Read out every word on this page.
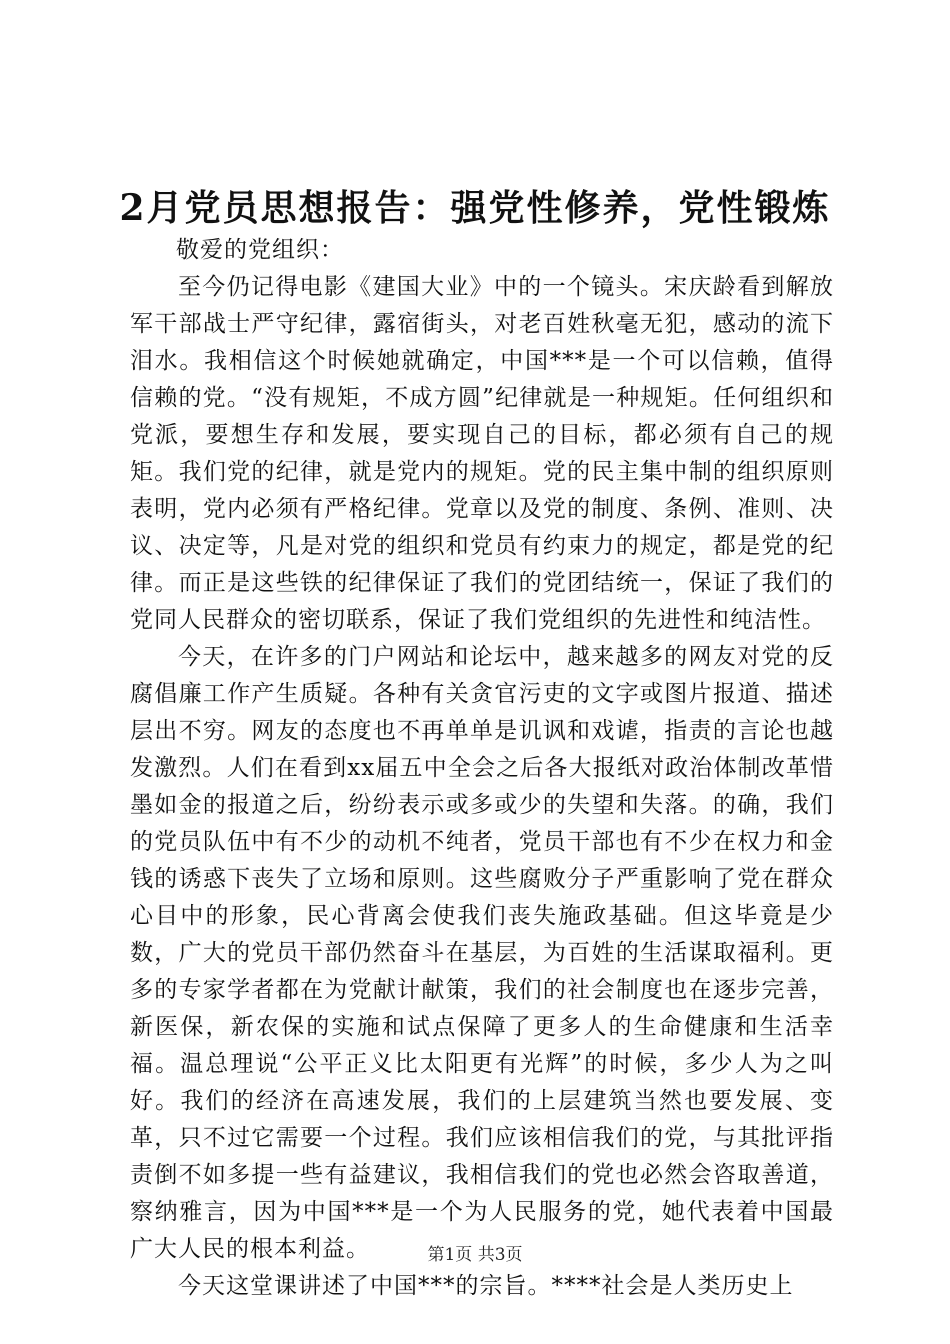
2月党员思想报告：强党性修养，党性锻炼

敬爱的党组织：

至今仍记得电影《建国大业》中的一个镜头。宋庆龄看到解放军干部战士严守纪律，露宿街头，对老百姓秋毫无犯，感动的流下泪水。我相信这个时候她就确定，中国***是一个可以信赖，值得信赖的党。“没有规矩，不成方圆”纪律就是一种规矩。任何组织和党派，要想生存和发展，要实现自己的目标，都必须有自己的规矩。我们党的纪律，就是党内的规矩。党的民主集中制的组织原则表明，党内必须有严格纪律。党章以及党的制度、条例、准则、决议、决定等，凡是对党的组织和党员有约束力的规定，都是党的纪律。而正是这些铁的纪律保证了我们的党团结统一，保证了我们的党同人民群众的密切联系，保证了我们党组织的先进性和纯洁性。

今天，在许多的门户网站和论坛中，越来越多的网友对党的反腐倡廉工作产生质疑。各种有关贪官污吏的文字或图片报道、描述层出不穷。网友的态度也不再单单是讥讽和戏谑，指责的言论也越发激烈。人们在看到xx届五中全会之后各大报纸对政治体制改革惜墨如金的报道之后，纷纷表示或多或少的失望和失落。的确，我们的党员队伍中有不少的动机不纯者，党员干部也有不少在权力和金钱的诱惑下丧失了立场和原则。这些腐败分子严重影响了党在群众心目中的形象，民心背离会使我们丧失施政基础。但这毕竟是少数，广大的党员干部仍然奋斗在基层，为百姓的生活谋取福利。更多的专家学者都在为党献计献策，我们的社会制度也在逐步完善，新医保，新农保的实施和试点保障了更多人的生命健康和生活幸福。温总理说“公平正义比太阳更有光辉”的时候，多少人为之叫好。我们的经济在高速发展，我们的上层建筑当然也要发展、变革，只不过它需要一个过程。我们应该相信我们的党，与其批评指责倒不如多提一些有益建议，我相信我们的党也必然会咨取善道，察纳雅言，因为中国***是一个为人民服务的党，她代表着中国最广大人民的根本利益。

今天这堂课讲述了中国***的宗旨。****社会是人类历史上

第1页 共3页
